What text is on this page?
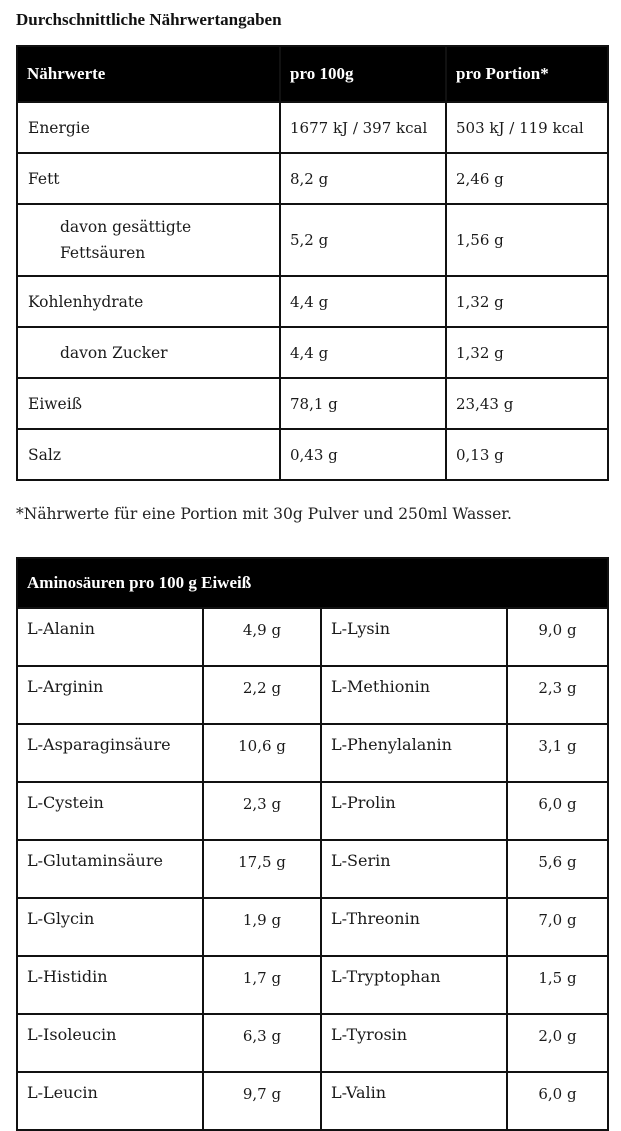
Durchschnittliche Nährwertangaben
Nährwerte	pro 100g	pro Portion*
Energie	1677 kJ / 397 kcal	503 kJ / 119 kcal
Fett	8,2 g	2,46 g
davon gesättigte Fettsäuren	5,2 g	1,56 g
Kohlenhydrate	4,4 g	1,32 g
davon Zucker	4,4 g	1,32 g
Eiweiß	78,1 g	23,43 g
Salz	0,43 g	0,13 g
*Nährwerte für eine Portion mit 30g Pulver und 250ml Wasser.
Aminosäuren pro 100 g Eiweiß			
L-Alanin	4,9 g	L-Lysin	9,0 g
L-Arginin	2,2 g	L-Methionin	2,3 g
L-Asparaginsäure	10,6 g	L-Phenylalanin	3,1 g
L-Cystein	2,3 g	L-Prolin	6,0 g
L-Glutaminsäure	17,5 g	L-Serin	5,6 g
L-Glycin	1,9 g	L-Threonin	7,0 g
L-Histidin	1,7 g	L-Tryptophan	1,5 g
L-Isoleucin	6,3 g	L-Tyrosin	2,0 g
L-Leucin	9,7 g	L-Valin	6,0 g
